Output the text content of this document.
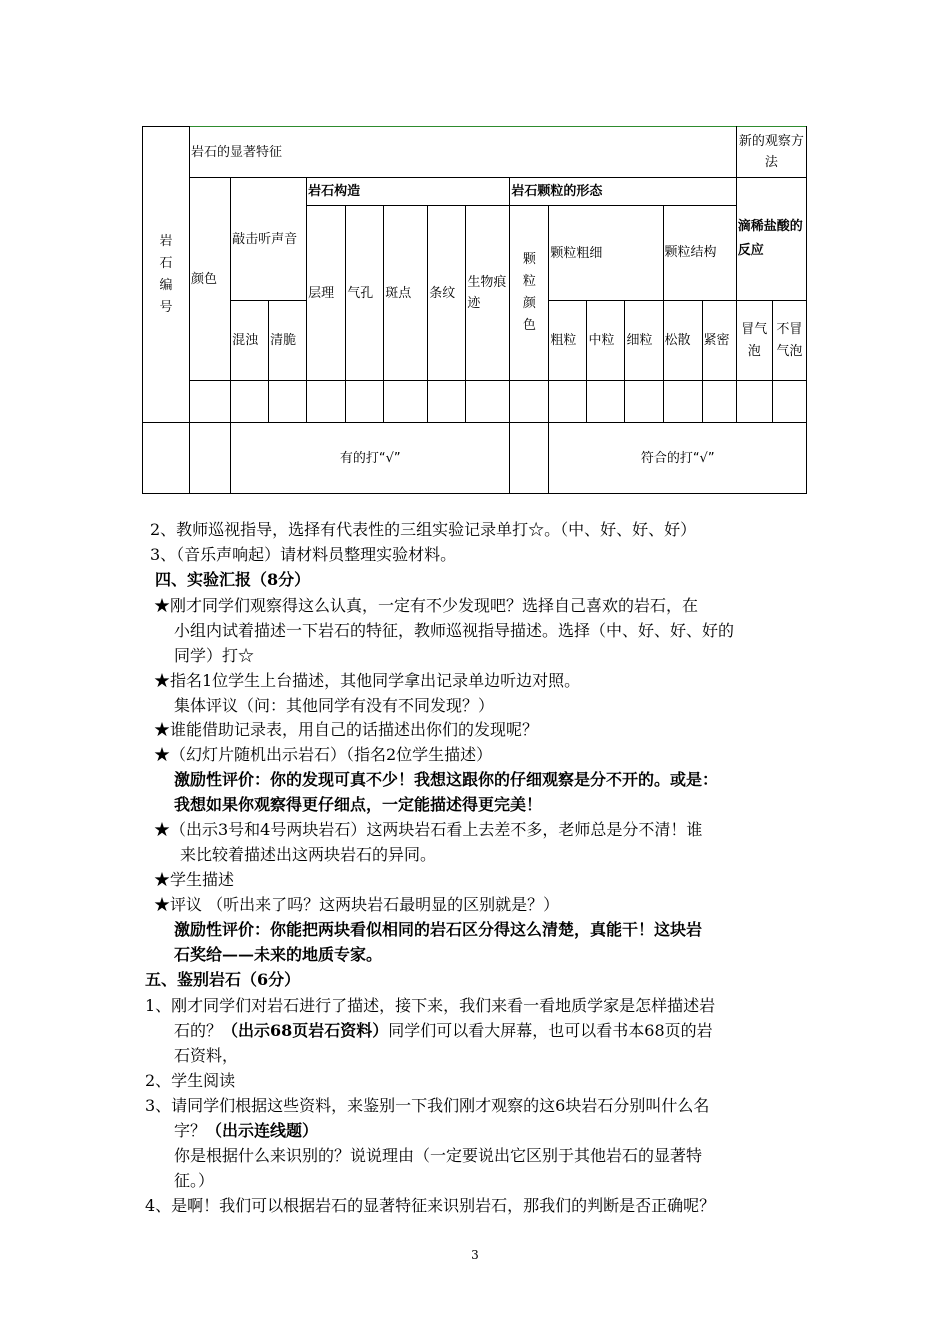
岩石编号	岩石的显著特征														新的观察方法	
	颜色	敲击听声音		岩石构造					岩石颗粒的形态						滴稀盐酸的反应	
				层理	气孔	斑点	条纹	生物痕迹	颗粒颜色	颗粒粗细			颗粒结构			
		混浊	清脆							粗粒	中粒	细粒	松散	紧密	冒气泡	不冒气泡

		有的打“√”								符合的打“√”						
2、教师巡视指导，选择有代表性的三组实验记录单打☆。（中、好、好、好）
3、（音乐声响起）请材料员整理实验材料。
四、实验汇报（8分）
★刚才同学们观察得这么认真，一定有不少发现吧？选择自己喜欢的岩石，在
小组内试着描述一下岩石的特征，教师巡视指导描述。选择（中、好、好、好的
同学）打☆
★指名1位学生上台描述，其他同学拿出记录单边听边对照。
集体评议（问：其他同学有没有不同发现？）
★谁能借助记录表，用自己的话描述出你们的发现呢？
★（幻灯片随机出示岩石）（指名2位学生描述）
激励性评价：你的发现可真不少！我想这跟你的仔细观察是分不开的。或是：
我想如果你观察得更仔细点，一定能描述得更完美！
★（出示3号和4号两块岩石）这两块岩石看上去差不多，老师总是分不清！谁
来比较着描述出这两块岩石的异同。
★学生描述
★评议 （听出来了吗？这两块岩石最明显的区别就是？）
激励性评价：你能把两块看似相同的岩石区分得这么清楚，真能干！这块岩
石奖给——未来的地质专家。
五、鉴别岩石（6分）
1、刚才同学们对岩石进行了描述，接下来，我们来看一看地质学家是怎样描述岩
石的？（出示68页岩石资料）同学们可以看大屏幕，也可以看书本68页的岩
石资料，
2、学生阅读
3、请同学们根据这些资料，来鉴别一下我们刚才观察的这6块岩石分别叫什么名
字？（出示连线题）
你是根据什么来识别的？说说理由（一定要说出它区别于其他岩石的显著特
征。）
4、是啊！我们可以根据岩石的显著特征来识别岩石，那我们的判断是否正确呢？
3
